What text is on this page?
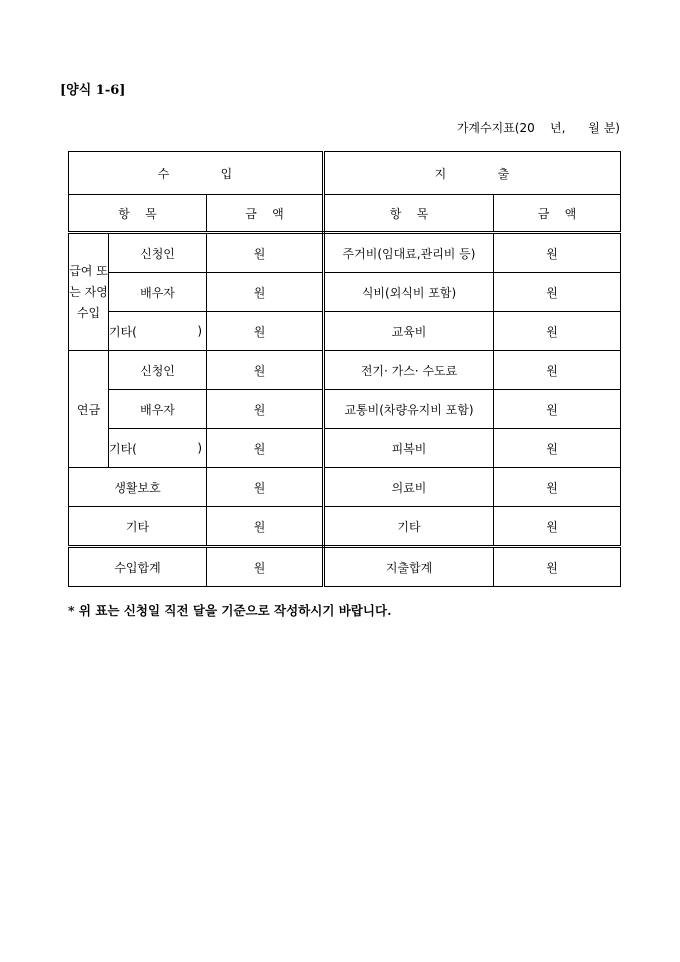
[양식 1-6]
가계수지표(20    년,      월 분)
수          입			지          출	
항    목		금    액	항    목	금    액
급여 또는 자영 수입	신청인	원	주거비(임대료,관리비 등)	원
	배우자	원	식비(외식비 포함)	원
	기타( )	원	교육비	원
연금	신청인	원	전기· 가스· 수도료	원
	배우자	원	교통비(차량유지비 포함)	원
	기타( )	원	피복비	원
생활보호		원	의료비	원
기타		원	기타	원
수입합계		원	지출합계	원
* 위 표는 신청일 직전 달을 기준으로 작성하시기 바랍니다.
